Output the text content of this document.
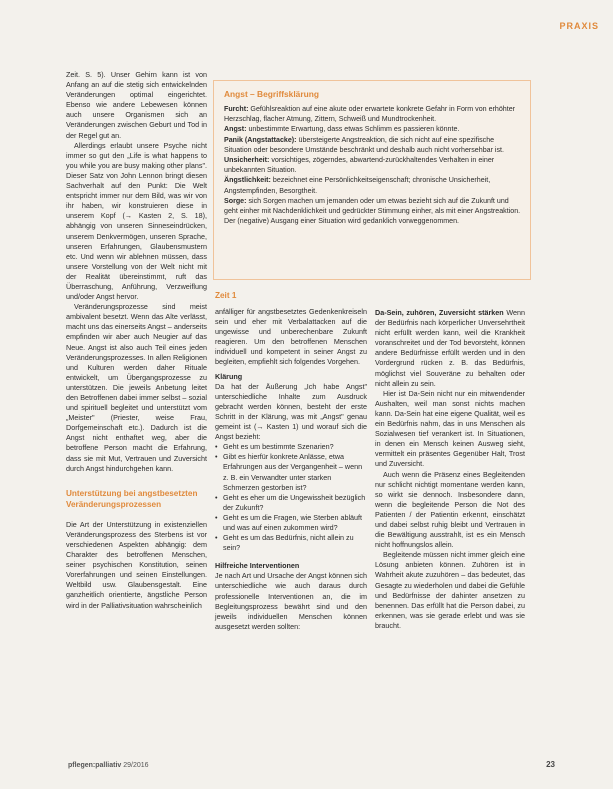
PRAXIS

Zeit. S. 5). Unser Gehirn kann ist von Anfang an auf die stetig sich entwickelnden Veränderungen optimal eingerichtet. Ebenso wie andere Lebewesen können auch unsere Organismen sich an Veränderungen zwischen Geburt und Tod in der Regel gut an.

Allerdings erlaubt unsere Psyche nicht immer so gut den „Life is what happens to you while you are busy making other plans". Dieser Satz von John Lennon bringt diesen Sachverhalt auf den Punkt: Die Welt entspricht immer nur dem Bild, was wir von ihr haben, wir konstruieren diese in unserem Kopf (→ Kasten 2, S. 18), abhängig von unseren Sinneseindrücken, unserem Denkvermögen, unseren Sprache, unseren Erfahrungen, Glaubensmustern etc. Und wenn wir ablehnen müssen, dass unsere Vorstellung von der Welt nicht mit der Realität übereinstimmt, ruft das Überraschung, Anführung, Verzweiflung und/oder Angst hervor.

Veränderungsprozesse sind meist ambivalent besetzt. Wenn das Alte verlässt, macht uns das einerseits Angst – anderseits empfinden wir aber auch Neugier auf das Neue. Angst ist also auch Teil eines jeden Veränderungsprozesses. In allen Religionen und Kulturen werden daher Rituale entwickelt, um Übergangsprozesse zu unterstützen. Die jeweils Anbetung leitet den Betroffenen dabei immer selbst – sozial und spirituell begleitet und unterstützt vom „Meister" (Priester, weise Frau, Dorfgemeinschaft etc.). Dadurch ist die Angst nicht enthaftet weg, aber die betroffene Person macht die Erfahrung, dass sie mit Mut, Vertrauen und Zuversicht durch Angst hindurchgehen kann.

Unterstützung bei angstbesetzten Veränderungsprozessen

Die Art der Unterstützung in existenziellen Veränderungsprozess des Sterbens ist vor verschiedenen Aspekten abhängig: dem Charakter des betroffenen Menschen, seiner psychischen Konstitution, seinen Vorerfahrungen und seinen Einstellungen. Weltbild usw. Glaubensgestalt. Eine ganzheitlich orientierte, ängstliche Person wird in der Palliativsituation wahrscheinlich

Angst – Begriffsklärung
Furcht: Gefühlsreaktion auf eine akute oder erwartete konkrete Gefahr in Form von erhöhter Herzschlag, flacher Atmung, Zittern, Schweiß und Mundtrockenheit.
Angst: unbestimmte Erwartung, dass etwas Schlimm es passieren könnte.
Panik (Angstattacke): übersteigerte Angstreaktion, die sich nicht auf eine spezifische Situation oder besondere Umstände beschränkt und deshalb auch nicht vorhersehbar ist.
Unsicherheit: vorsichtiges, zögerndes, abwartend-zurückhaltendes Verhalten in einer unbekannten Situation.
Ängstlichkeit: bezeichnet eine Persönlichkeitseigenschaft; chronische Unsicherheit, Angstempfinden, Besorgtheit.
Sorge: sich Sorgen machen um jemanden oder um etwas bezieht sich auf die Zukunft und geht einher mit Nachdenklichkeit und gedrückter Stimmung einher, als mit einer Angstreaktion. Der (negative) Ausgang einer Situation wird gedanklich vorweggenommen.
Zeit 1

anfälliger für angstbesetztes Gedenkenkreiseln sein und eher mit Verbalattacken auf die ungewisse und unberechenbare Zukunft reagieren. Um den betroffenen Menschen individuell und kompetent in seiner Angst zu begleiten, empfiehlt sich folgendes Vorgehen.

Klärung

Da hat der Äußerung „Ich habe Angst" unterschiedliche Inhalte zum Ausdruck gebracht werden können, besteht der erste Schritt in der Klärung, was mit „Angst" genau gemeint ist (→ Kasten 1) und worauf sich die Angst bezieht:

• Geht es um bestimmte Szenarien?
• Gibt es hierfür konkrete Anlässe, etwa Erfahrungen aus der Vergangenheit – wenn z. B. ein Verwandter unter starken Schmerzen gestorben ist?
• Geht es eher um die Ungewissheit bezüglich der Zukunft?
• Geht es um die Fragen, wie Sterben abläuft und was auf einen zukommen wird?
• Geht es um das Bedürfnis, nicht allein zu sein?
Hilfreiche Interventionen

Je nach Art und Ursache der Angst können sich unterschiedliche wie auch daraus durch professionelle Interventionen an, die im Begleitungsprozess bewährt sind und den jeweils individuellen Menschen können ausgesetzt werden sollten:

Da-Sein, zuhören, Zuversicht stärken Wenn der Bedürfnis nach körperlicher Unversehrtheit nicht erfüllt werden kann, weil die Krankheit voranschreitet und der Tod bevorsteht, können andere Bedürfnisse erfüllt werden und in den Vordergrund rücken z. B. das Bedürfnis, möglichst viel Souveräne zu behalten oder nicht allein zu sein.

Hier ist Da-Sein nicht nur ein mitwendender Aushalten, weil man sonst nichts machen kann. Da-Sein hat eine eigene Qualität, weil es ein Bedürfnis nahm, das in uns Menschen als Sozialwesen tief verankert ist. In Situationen, in denen ein Mensch keinen Ausweg sieht, vermittelt ein präsentes Gegenüber Halt, Trost und Zuversicht.

Auch wenn die Präsenz eines Begleitenden nur schlicht nichtigt momentane werden kann, so wirkt sie dennoch. Insbesondere dann, wenn die begleitende Person die Not des Patienten / der Patientin erkennt, einschätzt und dabei selbst ruhig bleibt und Vertrauen in die Bewältigung ausstrahlt, ist es ein Mensch nicht hoffnungslos allein.

Begleitende müssen nicht immer gleich eine Lösung anbieten können. Zuhören ist in Wahrheit akute zuzuhören – das bedeutet, das Gesagte zu wiederholen und dabei die Gefühle und Bedürfnisse der dahinter ansetzen zu benennen. Das erfüllt hat die Person dabei, zu erkennen, was sie gerade erlebt und was sie braucht.

pflegen:palliativ 29/2016	23
